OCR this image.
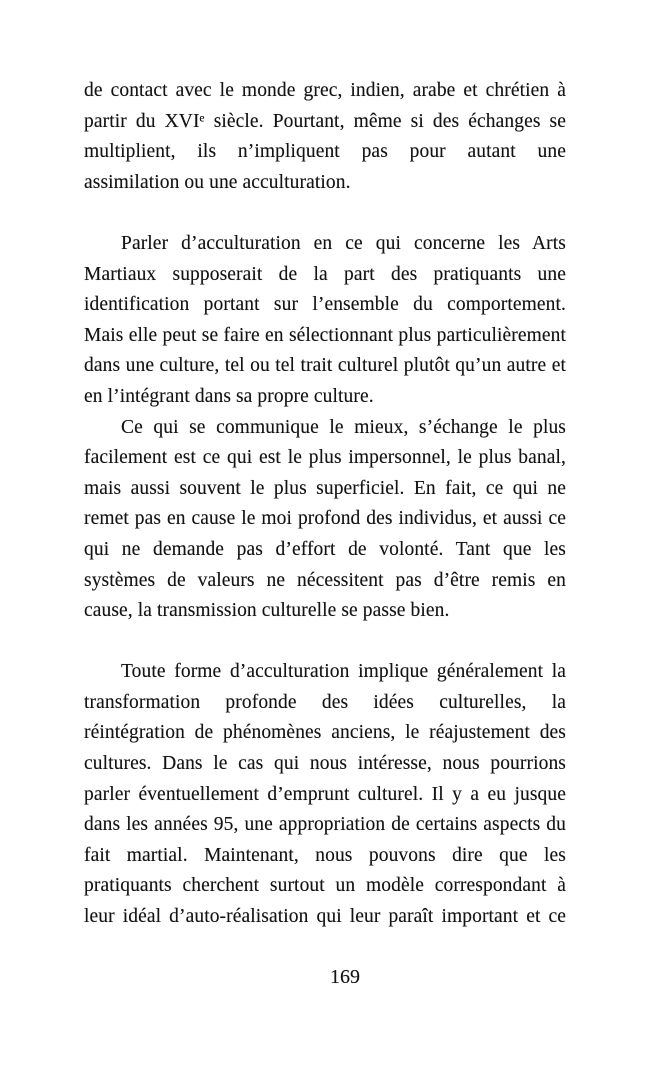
de contact avec le monde grec, indien, arabe et chrétien à
partir du XVIᵉ siècle. Pourtant, même si des échanges se
multiplient, ils n’impliquent pas pour autant une
assimilation ou une acculturation.
Parler d’acculturation en ce qui concerne les Arts
Martiaux supposerait de la part des pratiquants une
identification portant sur l’ensemble du comportement.
Mais elle peut se faire en sélectionnant plus particulièrement
dans une culture, tel ou tel trait culturel plutôt qu’un autre et
en l’intégrant dans sa propre culture.
Ce qui se communique le mieux, s’échange le plus
facilement est ce qui est le plus impersonnel, le plus banal,
mais aussi souvent le plus superficiel. En fait, ce qui ne
remet pas en cause le moi profond des individus, et aussi ce
qui ne demande pas d’effort de volonté. Tant que les
systèmes de valeurs ne nécessitent pas d’être remis en
cause, la transmission culturelle se passe bien.
Toute forme d’acculturation implique généralement la
transformation profonde des idées culturelles, la
réintégration de phénomènes anciens, le réajustement des
cultures. Dans le cas qui nous intéresse, nous pourrions
parler éventuellement d’emprunt culturel. Il y a eu jusque
dans les années 95, une appropriation de certains aspects du
fait martial. Maintenant, nous pouvons dire que les
pratiquants cherchent surtout un modèle correspondant à
leur idéal d’auto-réalisation qui leur paraît important et ce
169
